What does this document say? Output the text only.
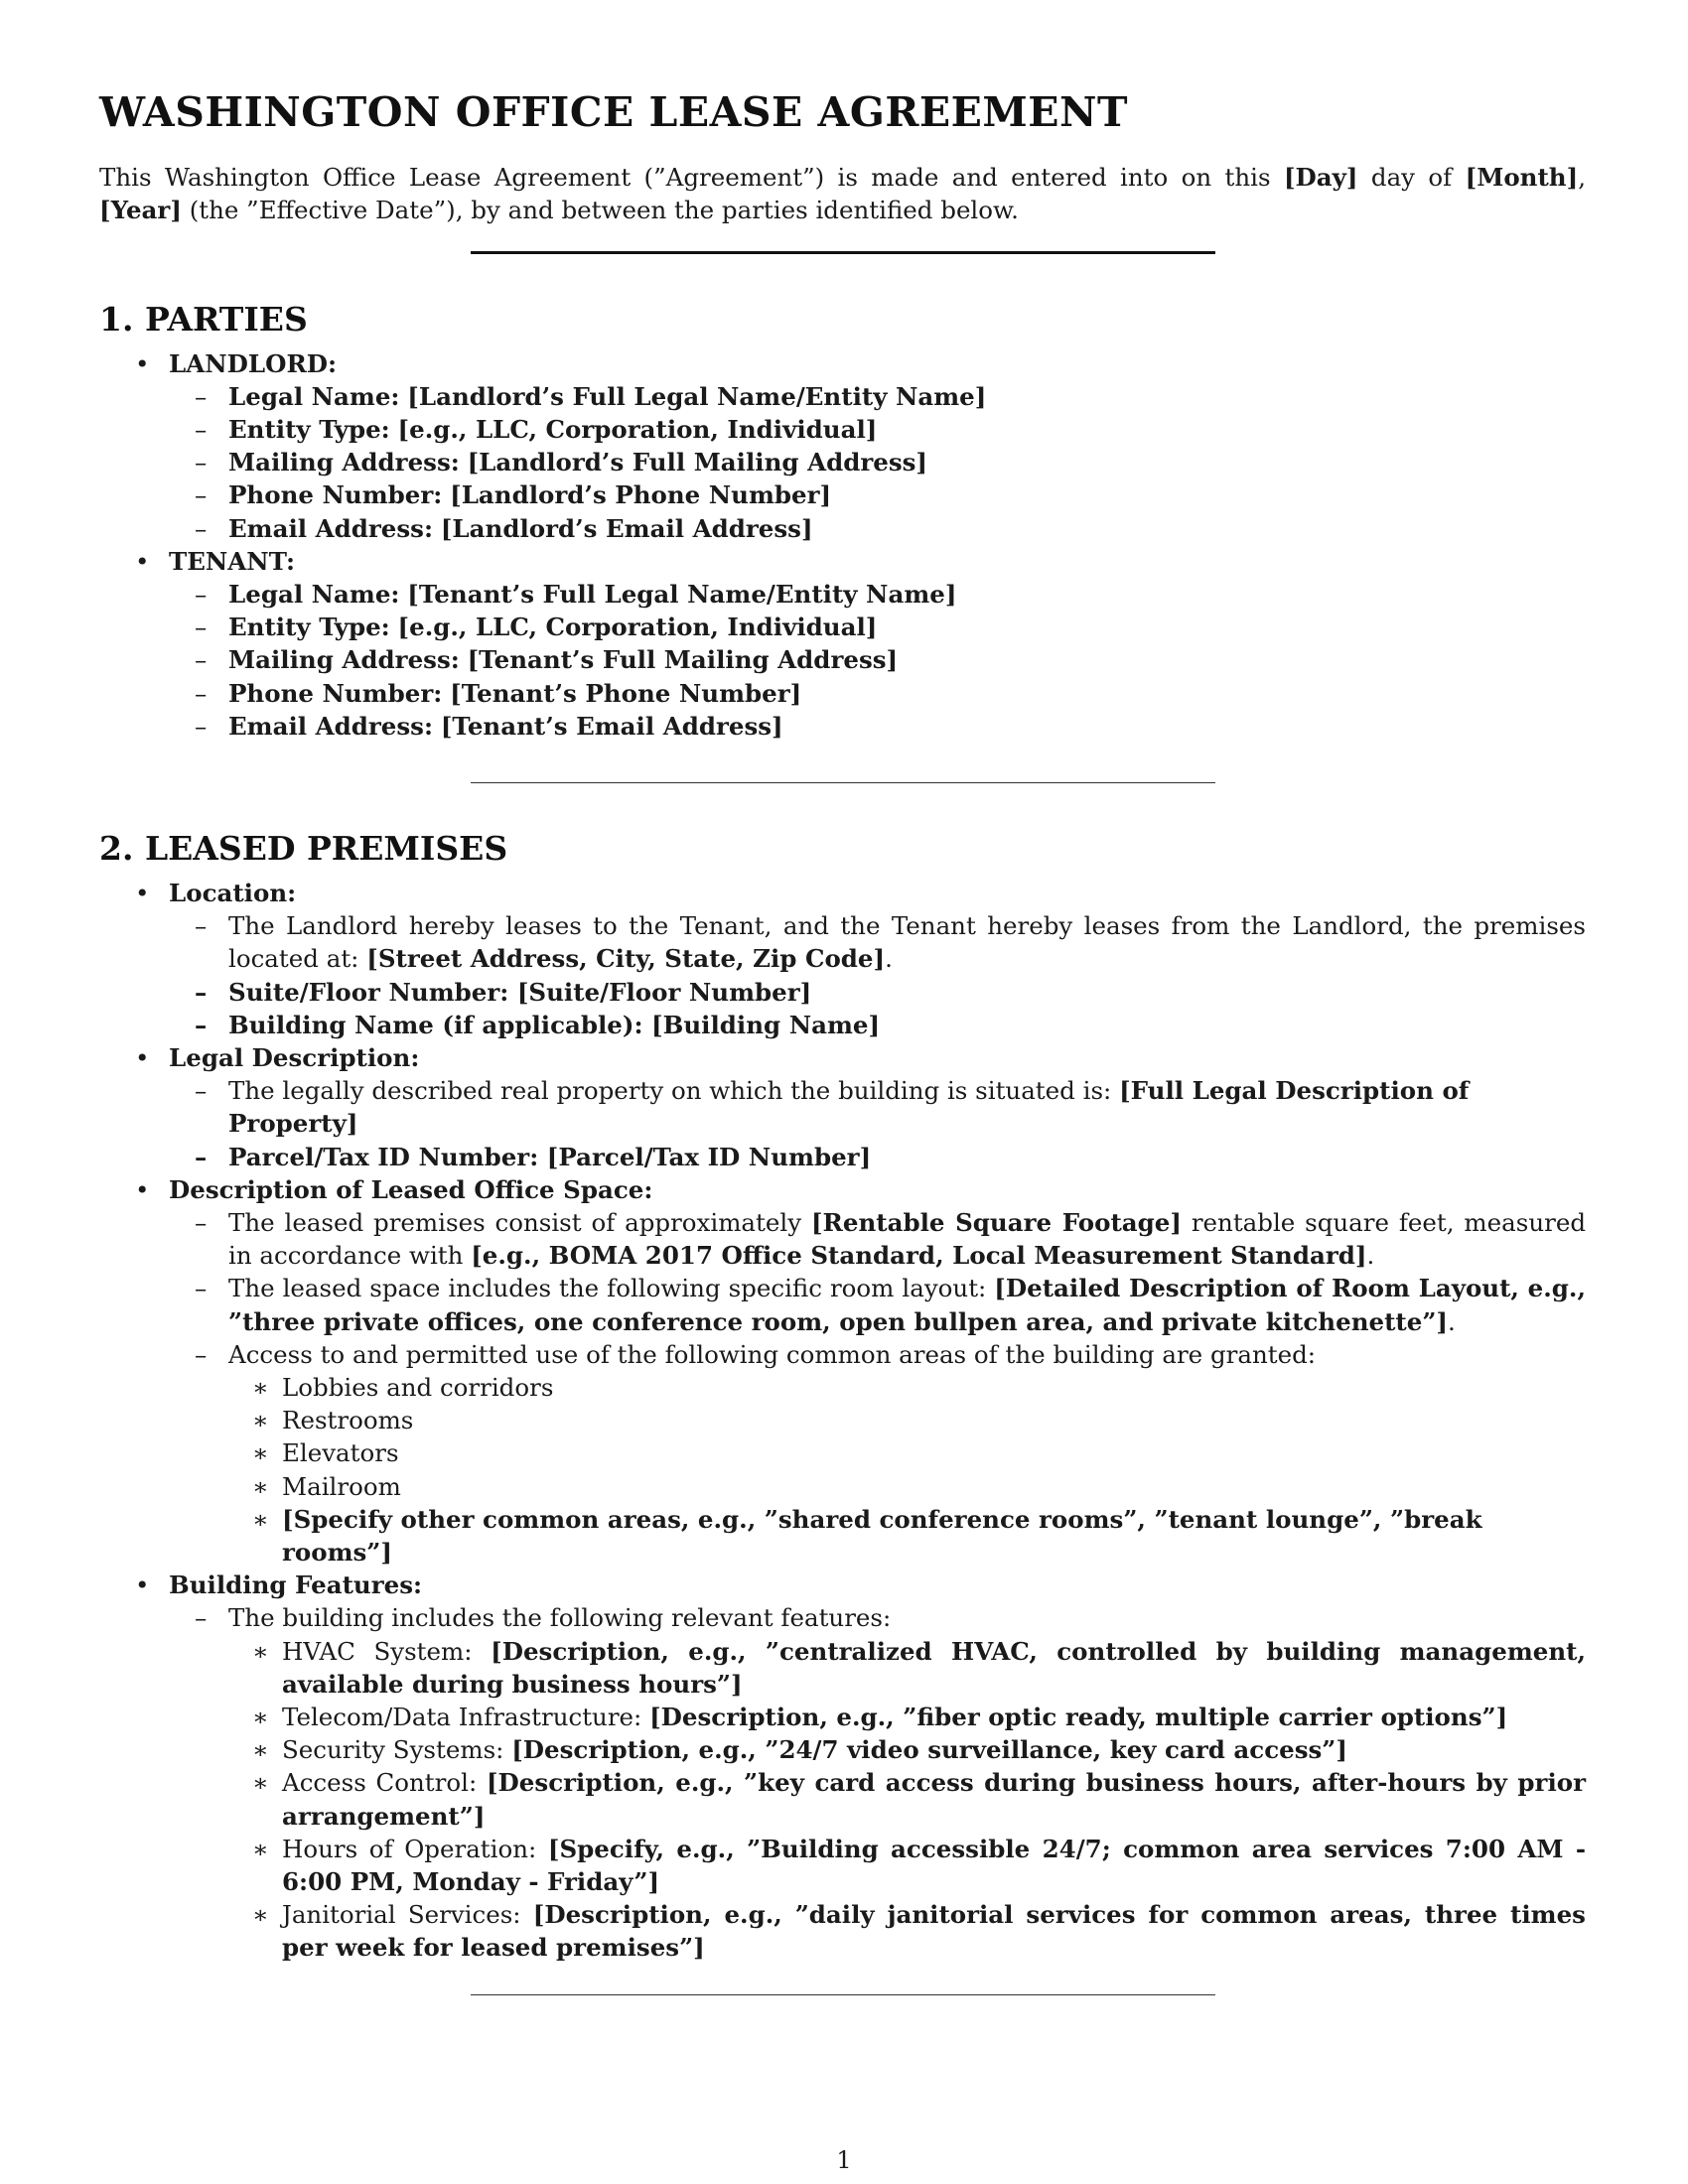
WASHINGTON OFFICE LEASE AGREEMENT

This Washington Office Lease Agreement (”Agreement”) is made and entered into on this [Day] day of [Month], [Year] (the ”Effective Date”), by and between the parties identified below.

1. PARTIES
• LANDLORD:
– Legal Name: [Landlord’s Full Legal Name/Entity Name]
– Entity Type: [e.g., LLC, Corporation, Individual]
– Mailing Address: [Landlord’s Full Mailing Address]
– Phone Number: [Landlord’s Phone Number]
– Email Address: [Landlord’s Email Address]
• TENANT:
– Legal Name: [Tenant’s Full Legal Name/Entity Name]
– Entity Type: [e.g., LLC, Corporation, Individual]
– Mailing Address: [Tenant’s Full Mailing Address]
– Phone Number: [Tenant’s Phone Number]
– Email Address: [Tenant’s Email Address]
2. LEASED PREMISES
• Location:
– The Landlord hereby leases to the Tenant, and the Tenant hereby leases from the Landlord, the premises located at: [Street Address, City, State, Zip Code].
– Suite/Floor Number: [Suite/Floor Number]
– Building Name (if applicable): [Building Name]
• Legal Description:
– The legally described real property on which the building is situated is: [Full Legal Description of Property]
– Parcel/Tax ID Number: [Parcel/Tax ID Number]
• Description of Leased Office Space:
– The leased premises consist of approximately [Rentable Square Footage] rentable square feet, measured in accordance with [e.g., BOMA 2017 Office Standard, Local Measurement Standard].
– The leased space includes the following specific room layout: [Detailed Description of Room Layout, e.g., ”three private offices, one conference room, open bullpen area, and private kitchenette”].
– Access to and permitted use of the following common areas of the building are granted:
∗ Lobbies and corridors
∗ Restrooms
∗ Elevators
∗ Mailroom
∗ [Specify other common areas, e.g., ”shared conference rooms”, ”tenant lounge”, ”break rooms”]
• Building Features:
– The building includes the following relevant features:
∗ HVAC System: [Description, e.g., ”centralized HVAC, controlled by building management, available during business hours”]
∗ Telecom/Data Infrastructure: [Description, e.g., ”fiber optic ready, multiple carrier options”]
∗ Security Systems: [Description, e.g., ”24/7 video surveillance, key card access”]
∗ Access Control: [Description, e.g., ”key card access during business hours, after-hours by prior arrangement”]
∗ Hours of Operation: [Specify, e.g., ”Building accessible 24/7; common area services 7:00 AM - 6:00 PM, Monday - Friday”]
∗ Janitorial Services: [Description, e.g., ”daily janitorial services for common areas, three times per week for leased premises”]
1
